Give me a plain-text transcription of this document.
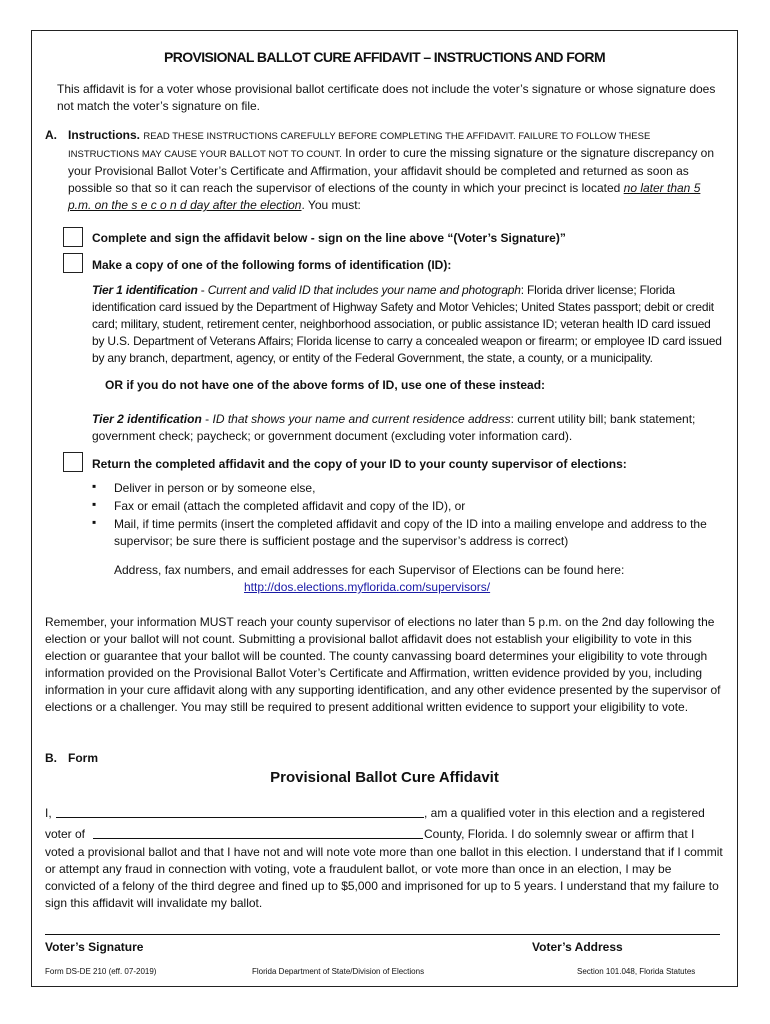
PROVISIONAL BALLOT CURE AFFIDAVIT – INSTRUCTIONS AND FORM
This affidavit is for a voter whose provisional ballot certificate does not include the voter’s signature or whose signature does not match the voter’s signature on file.
A. Instructions. READ THESE INSTRUCTIONS CAREFULLY BEFORE COMPLETING THE AFFIDAVIT. FAILURE TO FOLLOW THESE INSTRUCTIONS MAY CAUSE YOUR BALLOT NOT TO COUNT. In order to cure the missing signature or the signature discrepancy on your Provisional Ballot Voter’s Certificate and Affirmation, your affidavit should be completed and returned as soon as possible so that so it can reach the supervisor of elections of the county in which your precinct is located no later than 5 p.m. on the s e c o n d day after the election. You must:
Complete and sign the affidavit below - sign on the line above “(Voter’s Signature)”
Make a copy of one of the following forms of identification (ID):
Tier 1 identification - Current and valid ID that includes your name and photograph: Florida driver license; Florida identification card issued by the Department of Highway Safety and Motor Vehicles; United States passport; debit or credit card; military, student, retirement center, neighborhood association, or public assistance ID; veteran health ID card issued by U.S. Department of Veterans Affairs; Florida license to carry a concealed weapon or firearm; or employee ID card issued by any branch, department, agency, or entity of the Federal Government, the state, a county, or a municipality.
OR if you do not have one of the above forms of ID, use one of these instead:
Tier 2 identification - ID that shows your name and current residence address: current utility bill; bank statement; government check; paycheck; or government document (excluding voter information card).
Return the completed affidavit and the copy of your ID to your county supervisor of elections:
▪ Deliver in person or by someone else,
▪ Fax or email (attach the completed affidavit and copy of the ID), or
▪ Mail, if time permits (insert the completed affidavit and copy of the ID into a mailing envelope and address to the supervisor; be sure there is sufficient postage and the supervisor’s address is correct)
Address, fax numbers, and email addresses for each Supervisor of Elections can be found here:
http://dos.elections.myflorida.com/supervisors/
Remember, your information MUST reach your county supervisor of elections no later than 5 p.m. on the 2nd day following the election or your ballot will not count. Submitting a provisional ballot affidavit does not establish your eligibility to vote in this election or guarantee that your ballot will be counted. The county canvassing board determines your eligibility to vote through information provided on the Provisional Ballot Voter’s Certificate and Affirmation, written evidence provided by you, including information in your cure affidavit along with any supporting identification, and any other evidence presented by the supervisor of elections or a challenger. You may still be required to present additional written evidence to support your eligibility to vote.
B. Form
Provisional Ballot Cure Affidavit
I,	, am a qualified voter in this election and a registered
voter of	County, Florida. I do solemnly swear or affirm that I
voted a provisional ballot and that I have not and will note vote more than one ballot in this election. I understand that if I commit or attempt any fraud in connection with voting, vote a fraudulent ballot, or vote more than once in an election, I may be convicted of a felony of the third degree and fined up to $5,000 and imprisoned for up to 5 years. I understand that my failure to sign this affidavit will invalidate my ballot.
Voter’s Signature	Voter’s Address
Form DS-DE 210 (eff. 07-2019)	Florida Department of State/Division of Elections	Section 101.048, Florida Statutes
